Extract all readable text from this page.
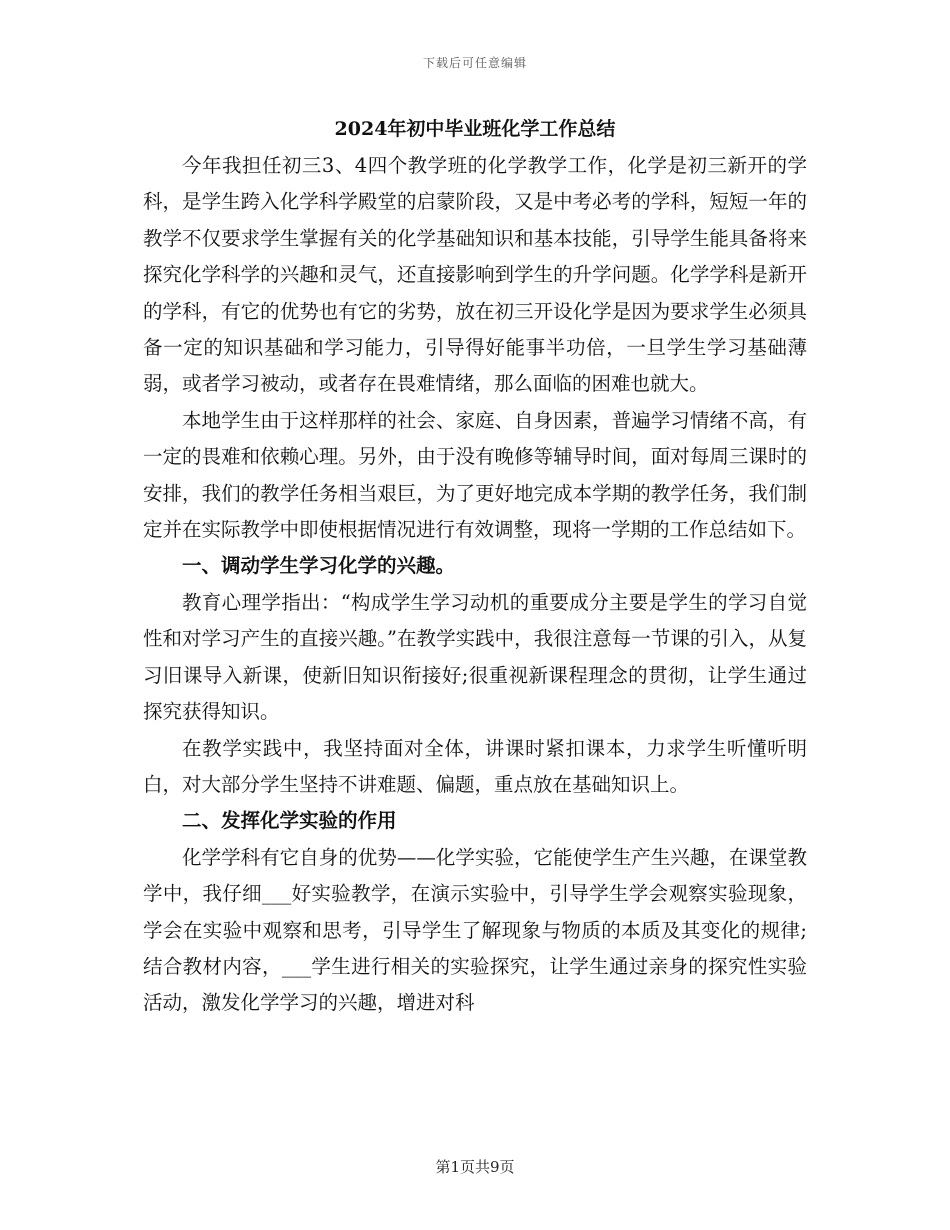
下载后可任意编辑
2024年初中毕业班化学工作总结

今年我担任初三3、4四个教学班的化学教学工作，化学是初三新开的学科，是学生跨入化学科学殿堂的启蒙阶段，又是中考必考的学科，短短一年的教学不仅要求学生掌握有关的化学基础知识和基本技能，引导学生能具备将来探究化学科学的兴趣和灵气，还直接影响到学生的升学问题。化学学科是新开的学科，有它的优势也有它的劣势，放在初三开设化学是因为要求学生必须具备一定的知识基础和学习能力，引导得好能事半功倍，一旦学生学习基础薄弱，或者学习被动，或者存在畏难情绪，那么面临的困难也就大。

本地学生由于这样那样的社会、家庭、自身因素，普遍学习情绪不高，有一定的畏难和依赖心理。另外，由于没有晚修等辅导时间，面对每周三课时的安排，我们的教学任务相当艰巨，为了更好地完成本学期的教学任务，我们制定并在实际教学中即使根据情况进行有效调整，现将一学期的工作总结如下。

一、调动学生学习化学的兴趣。

教育心理学指出：“构成学生学习动机的重要成分主要是学生的学习自觉性和对学习产生的直接兴趣。”在教学实践中，我很注意每一节课的引入，从复习旧课导入新课，使新旧知识衔接好;很重视新课程理念的贯彻，让学生通过探究获得知识。

在教学实践中，我坚持面对全体，讲课时紧扣课本，力求学生听懂听明白，对大部分学生坚持不讲难题、偏题，重点放在基础知识上。

二、发挥化学实验的作用

化学学科有它自身的优势——化学实验，它能使学生产生兴趣，在课堂教学中，我仔细___好实验教学，在演示实验中，引导学生学会观察实验现象，学会在实验中观察和思考，引导学生了解现象与物质的本质及其变化的规律;结合教材内容，___学生进行相关的实验探究，让学生通过亲身的探究性实验活动，激发化学学习的兴趣，增进对科

第1页共9页
